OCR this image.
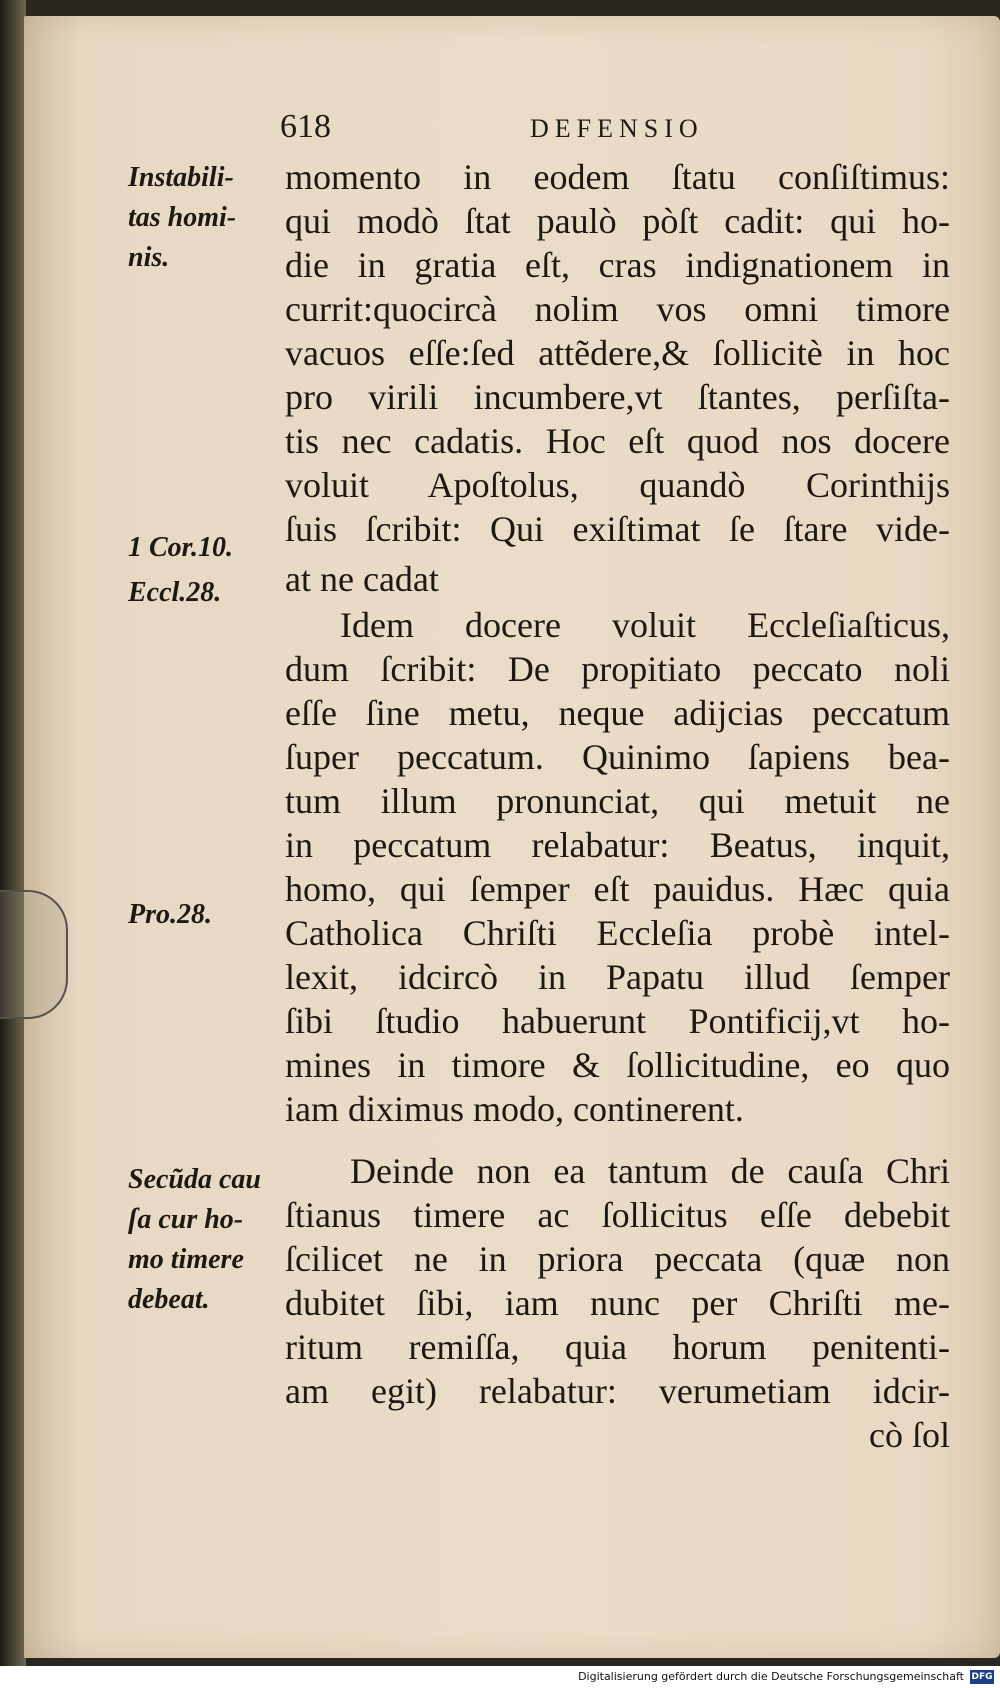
618	DEFENSIO
Instabili-
tas homi-
nis.
1 Cor.10.
Eccl.28.
Pro.28.
Secũda cau
ſa cur ho-
mo timere
debeat.
momento in eodem ſtatu conſiſtimus:
qui modò ſtat paulò pòſt cadit: qui ho-
die in gratia eſt, cras indignationem in
currit:quocircà nolim vos omni timore
vacuos eſſe:ſed attẽdere,& ſollicitè in hoc
pro virili incumbere,vt ſtantes, perſiſta-
tis nec cadatis. Hoc eſt quod nos docere
voluit Apoſtolus, quandò Corinthijs
ſuis ſcribit: Qui exiſtimat ſe ſtare vide-
at ne cadat
Idem docere voluit Eccleſiaſticus,
dum ſcribit: De propitiato peccato noli
eſſe ſine metu, neque adijcias peccatum
ſuper peccatum. Quinimo ſapiens bea-
tum illum pronunciat, qui metuit ne
in peccatum relabatur: Beatus, inquit,
homo, qui ſemper eſt pauidus. Hæc quia
Catholica Chriſti Eccleſia probè intel-
lexit, idcircò in Papatu illud ſemper
ſibi ſtudio habuerunt Pontificij,vt ho-
mines in timore & ſollicitudine, eo quo
iam diximus modo, continerent.
Deinde non ea tantum de cauſa Chri
ſtianus timere ac ſollicitus eſſe debebit
ſcilicet ne in priora peccata (quæ non
dubitet ſibi, iam nunc per Chriſti me-
ritum remiſſa, quia horum penitenti-
am egit) relabatur: verumetiam idcir-
cò ſol
Digitalisierung gefördert durch die Deutsche Forschungsgemeinschaft DFG
